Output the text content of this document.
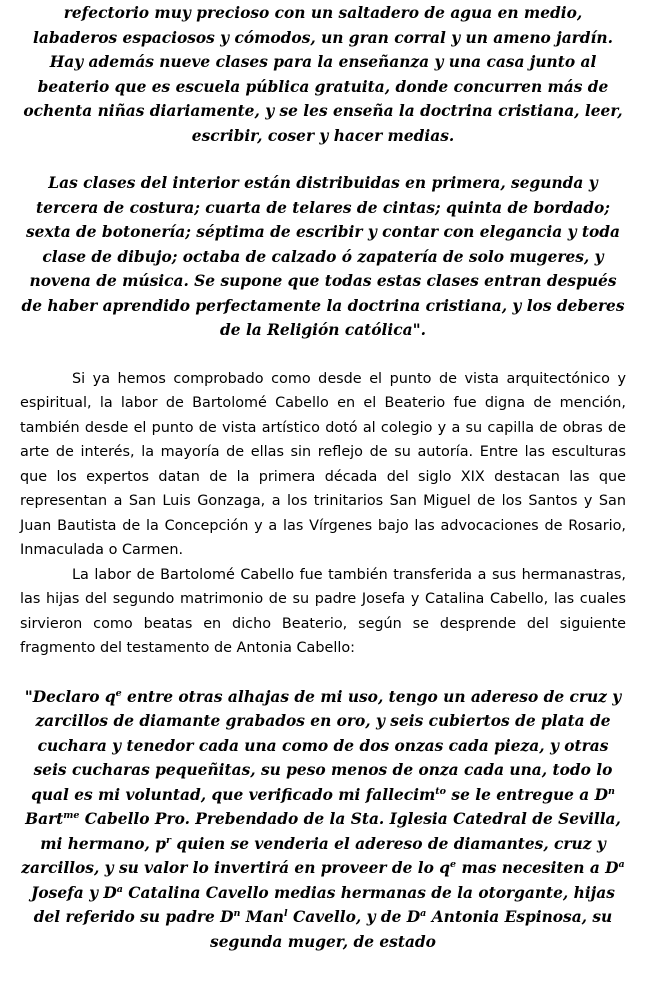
refectorio muy precioso con un saltadero de agua en medio, labaderos espaciosos y cómodos, un gran corral y un ameno jardín. Hay además nueve clases para la enseñanza y una casa junto al beaterio que es escuela pública gratuita, donde concurren más de ochenta niñas diariamente, y se les enseña la doctrina cristiana, leer, escribir, coser y hacer medias.

Las clases del interior están distribuidas en primera, segunda y tercera de costura; cuarta de telares de cintas; quinta de bordado; sexta de botonería; séptima de escribir y contar con elegancia y toda clase de dibujo; octaba de calzado ó zapatería de solo mugeres, y novena de música. Se supone que todas estas clases entran después de haber aprendido perfectamente la doctrina cristiana, y los deberes de la Religión católica".

Si ya hemos comprobado como desde el punto de vista arquitectónico y espiritual, la labor de Bartolomé Cabello en el Beaterio fue digna de mención, también desde el punto de vista artístico dotó al colegio y a su capilla de obras de arte de interés, la mayoría de ellas sin reflejo de su autoría. Entre las esculturas que los expertos datan de la primera década del siglo XIX destacan las que representan a San Luis Gonzaga, a los trinitarios San Miguel de los Santos y San Juan Bautista de la Concepción y a las Vírgenes bajo las advocaciones de Rosario, Inmaculada o Carmen.

La labor de Bartolomé Cabello fue también transferida a sus hermanastras, las hijas del segundo matrimonio de su padre Josefa y Catalina Cabello, las cuales sirvieron como beatas en dicho Beaterio, según se desprende del siguiente fragmento del testamento de Antonia Cabello:

"Declaro $q^e$ entre otras alhajas de mi uso, tengo un adereso de cruz y zarcillos de diamante grabados en oro, y seis cubiertos de plata de cuchara y tenedor cada una como de dos onzas cada pieza, y otras seis cucharas pequeñitas, su peso menos de onza cada una, todo lo qual es mi voluntad, que verificado mi fallecim$^{to}$ se le entregue a $D^n$ Bart$^{me}$ Cabello Pro. Prebendado de la Sta. Iglesia Catedral de Sevilla, mi hermano, $p^r$ quien se venderia el adereso de diamantes, cruz y zarcillos, y su valor lo invertirá en proveer de lo $q^e$ mas necesiten a $D^a$ Josefa y $D^a$ Catalina Cavello medias hermanas de la otorgante, hijas del referido su padre $D^n$ Man$^l$ Cavello, y de $D^a$ Antonia Espinosa, su segunda muger, de estado
